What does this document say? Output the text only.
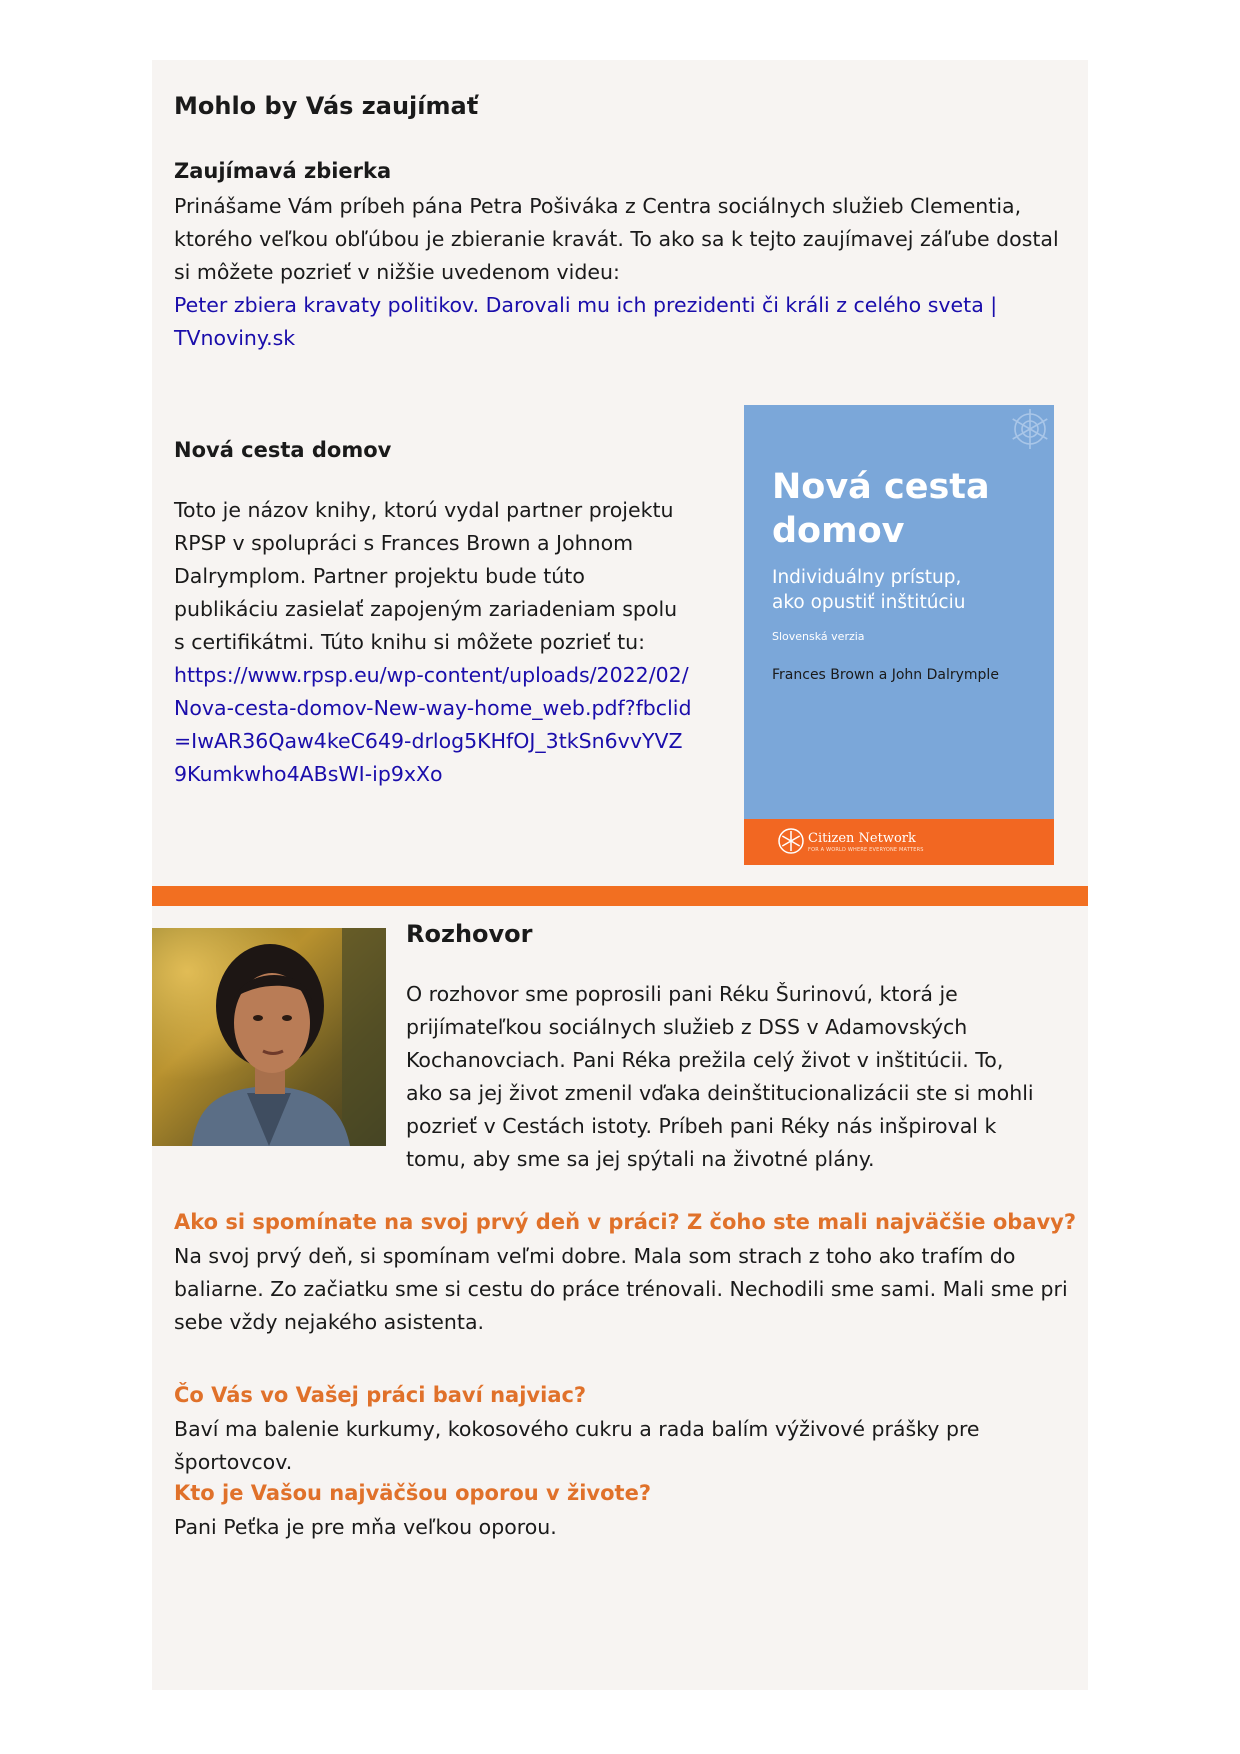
Mohlo by Vás zaujímať
Zaujímavá zbierka

Prinášame Vám príbeh pána Petra Pošiváka z Centra sociálnych služieb Clementia, ktorého veľkou obľúbou je zbieranie kravát. To ako sa k tejto zaujímavej záľube dostal si môžete pozrieť v nižšie uvedenom videu:
Peter zbiera kravaty politikov. Darovali mu ich prezidenti či králi z celého sveta | TVnoviny.sk

Nová cesta domov

Toto je názov knihy, ktorú vydal partner projektu RPSP v spolupráci s Frances Brown a Johnom Dalrymplom. Partner projektu bude túto publikáciu zasielať zapojeným zariadeniam spolu s certifikátmi. Túto knihu si môžete pozrieť tu:
https://www.rpsp.eu/wp-content/uploads/2022/02/Nova-cesta-domov-New-way-home_web.pdf?fbclid=IwAR36Qaw4keC649-drlog5KHfOJ_3tkSn6vvYVZ9Kumkwho4ABsWI-ip9xXo

Nová cesta
domov
Individuálny prístup,
ako opustiť inštitúciu
Slovenská verzia
Frances Brown a John Dalrymple
Citizen Network
FOR A WORLD WHERE EVERYONE MATTERS
Rozhovor

O rozhovor sme poprosili pani Réku Šurinovú, ktorá je prijímateľkou sociálnych služieb z DSS v Adamovských Kochanovciach. Pani Réka prežila celý život v inštitúcii. To, ako sa jej život zmenil vďaka deinštitucionalizácii ste si mohli pozrieť v Cestách istoty. Príbeh pani Réky nás inšpiroval k tomu, aby sme sa jej spýtali na životné plány.

Ako si spomínate na svoj prvý deň v práci? Z čoho ste mali najväčšie obavy?

Na svoj prvý deň, si spomínam veľmi dobre. Mala som strach z toho ako trafím do baliarne. Zo začiatku sme si cestu do práce trénovali. Nechodili sme sami. Mali sme pri sebe vždy nejakého asistenta.

Čo Vás vo Vašej práci baví najviac?

Baví ma balenie kurkumy, kokosového cukru a rada balím výživové prášky pre športovcov.

Kto je Vašou najväčšou oporou v živote?

Pani Peťka je pre mňa veľkou oporou.
